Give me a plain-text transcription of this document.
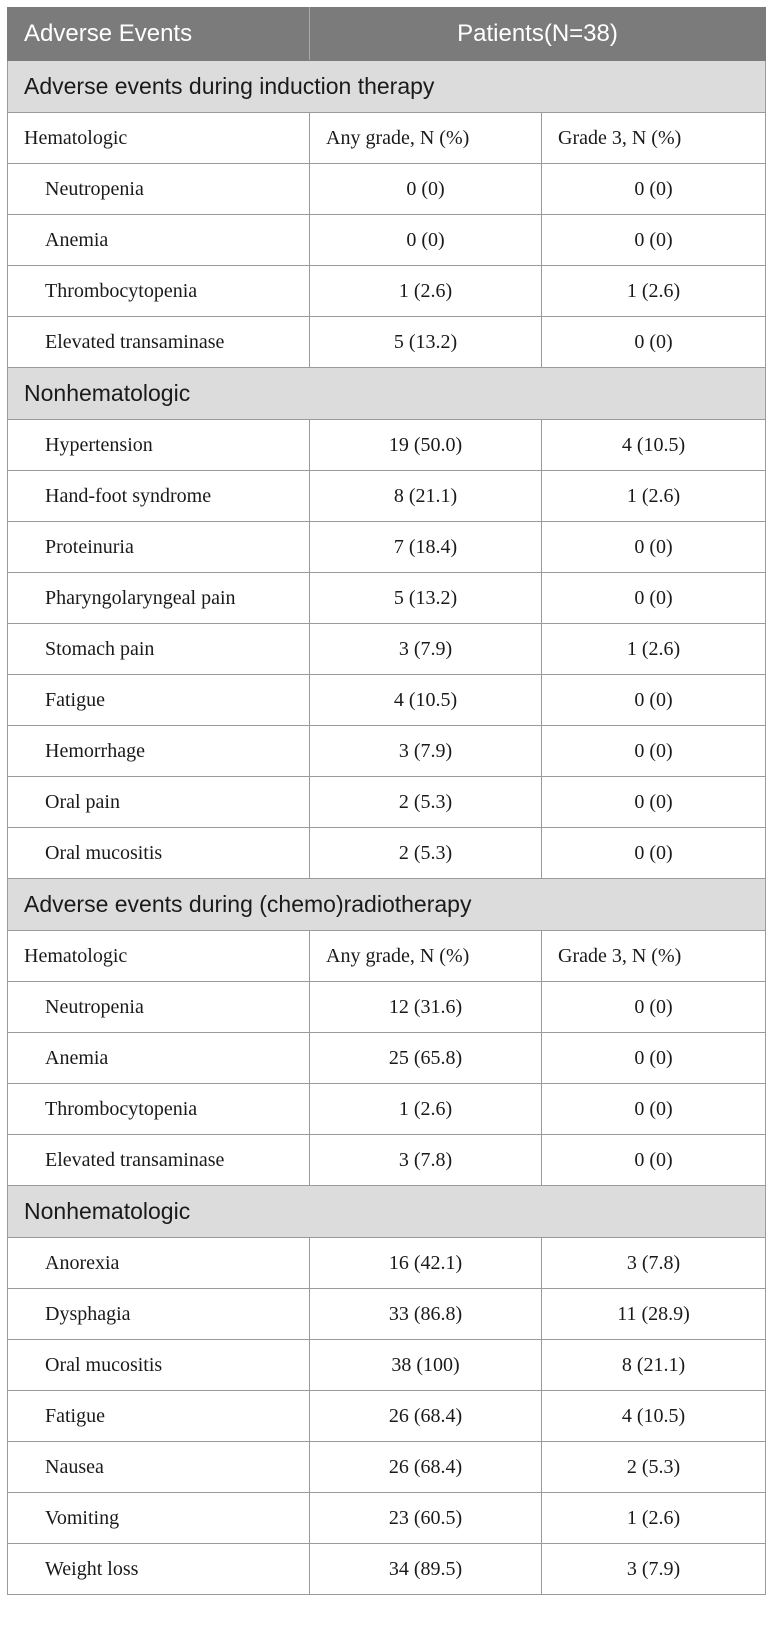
Adverse Events	Patients(N=38)	
Adverse events during induction therapy		
Hematologic	Any grade, N (%)	Grade 3, N (%)
Neutropenia	0 (0)	0 (0)
Anemia	0 (0)	0 (0)
Thrombocytopenia	1 (2.6)	1 (2.6)
Elevated transaminase	5 (13.2)	0 (0)
Nonhematologic		
Hypertension	19 (50.0)	4 (10.5)
Hand-foot syndrome	8 (21.1)	1 (2.6)
Proteinuria	7 (18.4)	0 (0)
Pharyngolaryngeal pain	5 (13.2)	0 (0)
Stomach pain	3 (7.9)	1 (2.6)
Fatigue	4 (10.5)	0 (0)
Hemorrhage	3 (7.9)	0 (0)
Oral pain	2 (5.3)	0 (0)
Oral mucositis	2 (5.3)	0 (0)
Adverse events during (chemo)radiotherapy		
Hematologic	Any grade, N (%)	Grade 3, N (%)
Neutropenia	12 (31.6)	0 (0)
Anemia	25 (65.8)	0 (0)
Thrombocytopenia	1 (2.6)	0 (0)
Elevated transaminase	3 (7.8)	0 (0)
Nonhematologic		
Anorexia	16 (42.1)	3 (7.8)
Dysphagia	33 (86.8)	11 (28.9)
Oral mucositis	38 (100)	8 (21.1)
Fatigue	26 (68.4)	4 (10.5)
Nausea	26 (68.4)	2 (5.3)
Vomiting	23 (60.5)	1 (2.6)
Weight loss	34 (89.5)	3 (7.9)
